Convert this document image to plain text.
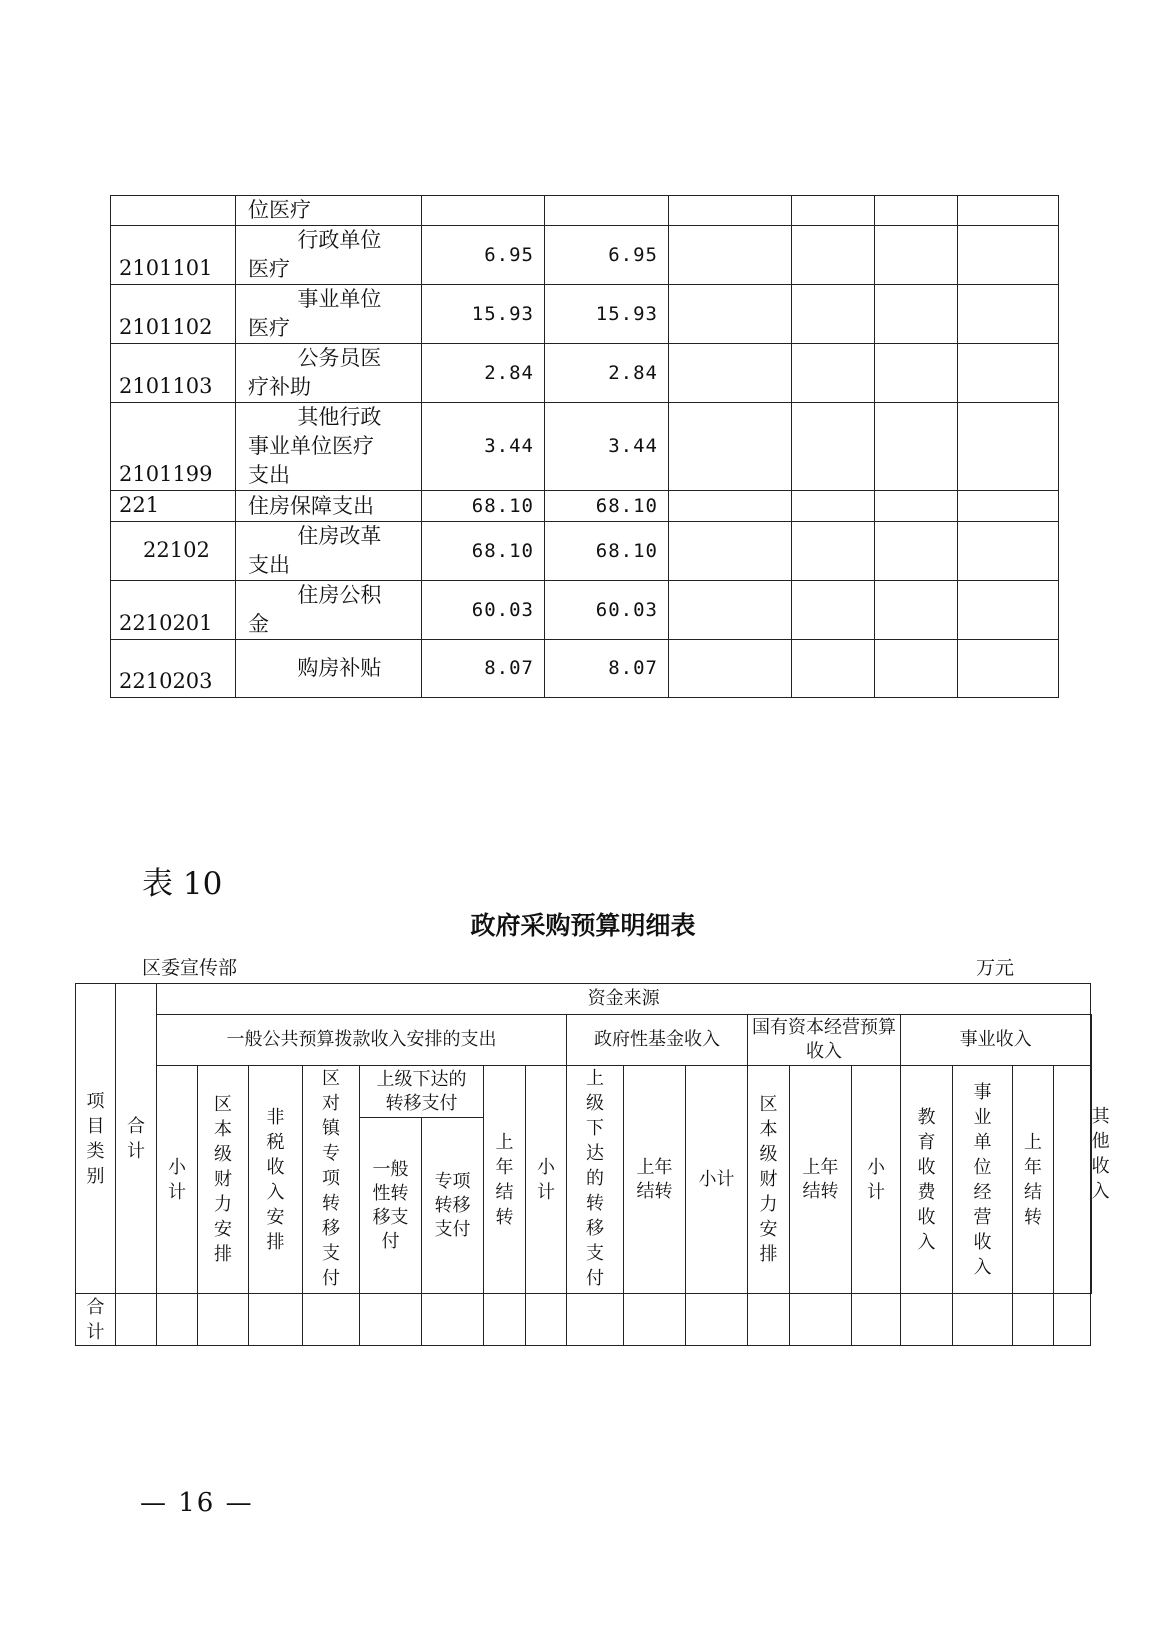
	位医疗						

2101101	行政单位医疗	6.95	6.95				
2101102	事业单位医疗	15.93	15.93				
2101103	公务员医疗补助	2.84	2.84				
2101199	其他行政事业单位医疗支出	3.44	3.44				
221	住房保障支出	68.10	68.10				
22102	住房改革支出	68.10	68.10				
2210201	住房公积金	60.03	60.03				
2210203	购房补贴	8.07	8.07				
表 10
政府采购预算明细表
区委宣传部	万元
项目类别	合计	资金来源																		
		一般公共预算拨款收入安排的支出								政府性基金收入			国有资本经营预算收入			事业收入				其他收入
		小计	区本级财力安排	非税收入安排	区对镇专项转移支付	上级下达的转移支付		上年结转	小计	上级下达的转移支付	上年结转	小计	区本级财力安排	上年结转	小计	教育收费收入	事业单位经营收入	上年结转		
						一般性转移支付	专项转移支付													
合计																				
— 16 —
